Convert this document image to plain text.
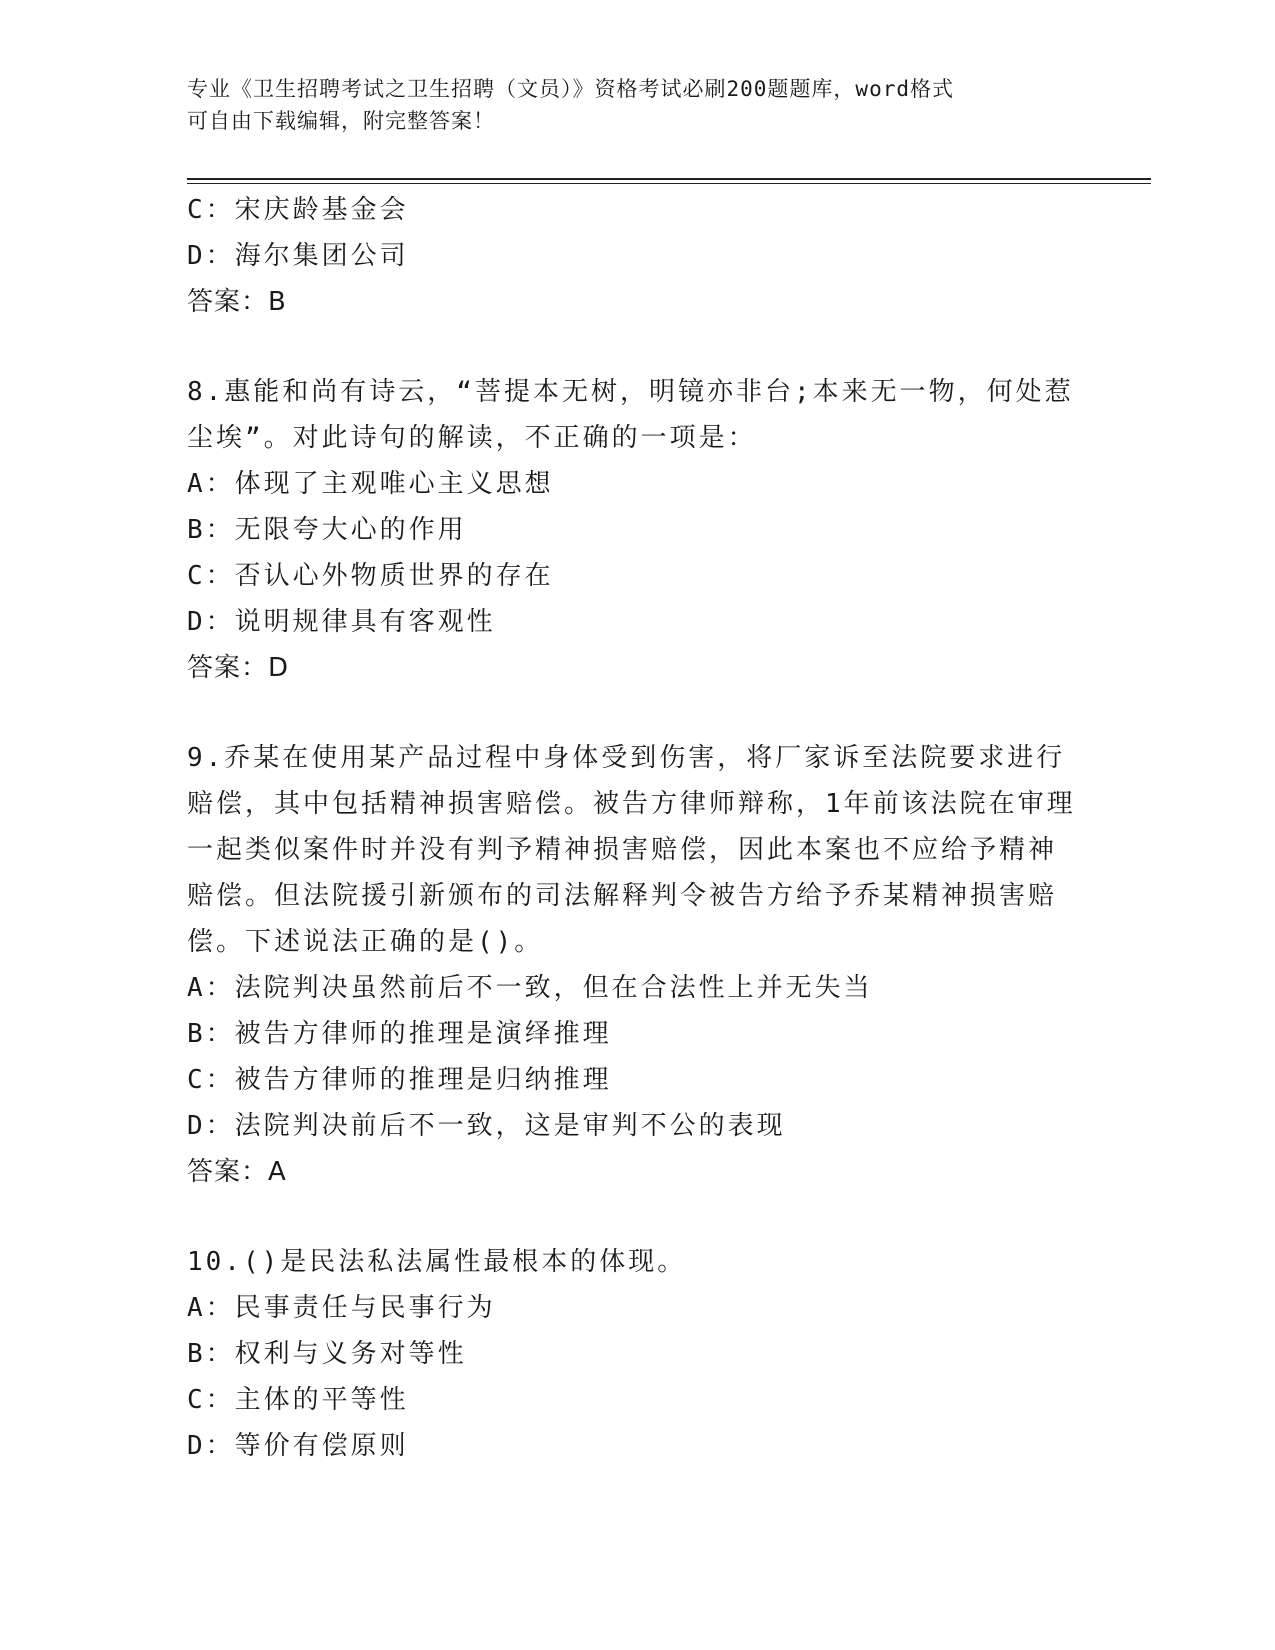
专业《卫生招聘考试之卫生招聘（文员）》资格考试必刷200题题库，word格式
可自由下载编辑，附完整答案！
C：宋庆龄基金会
D：海尔集团公司
答案：B
8.惠能和尚有诗云，“菩提本无树，明镜亦非台;本来无一物，何处惹
尘埃”。对此诗句的解读，不正确的一项是：
A：体现了主观唯心主义思想
B：无限夸大心的作用
C：否认心外物质世界的存在
D：说明规律具有客观性
答案：D
9.乔某在使用某产品过程中身体受到伤害，将厂家诉至法院要求进行
赔偿，其中包括精神损害赔偿。被告方律师辩称，1年前该法院在审理
一起类似案件时并没有判予精神损害赔偿，因此本案也不应给予精神
赔偿。但法院援引新颁布的司法解释判令被告方给予乔某精神损害赔
偿。下述说法正确的是()。
A：法院判决虽然前后不一致，但在合法性上并无失当
B：被告方律师的推理是演绎推理
C：被告方律师的推理是归纳推理
D：法院判决前后不一致，这是审判不公的表现
答案：A
10.()是民法私法属性最根本的体现。
A：民事责任与民事行为
B：权利与义务对等性
C：主体的平等性
D：等价有偿原则
